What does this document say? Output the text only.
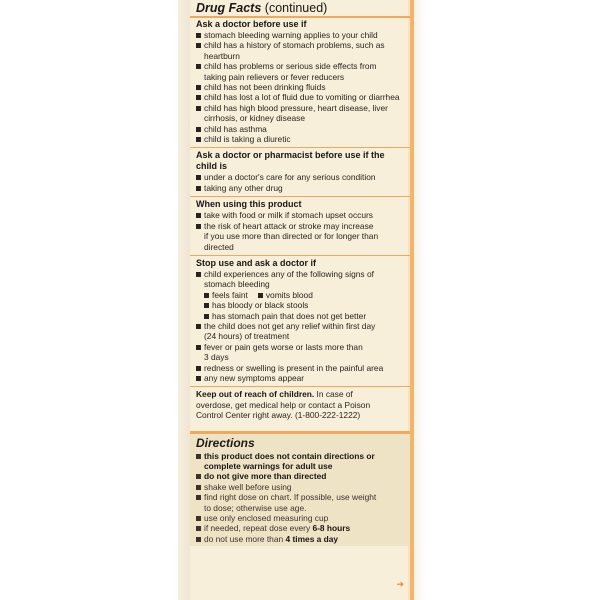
Drug Facts (continued)
Ask a doctor before use if
stomach bleeding warning applies to your child
child has a history of stomach problems, such as
heartburn
child has problems or serious side effects from
taking pain relievers or fever reducers
child has not been drinking fluids
child has lost a lot of fluid due to vomiting or diarrhea
child has high blood pressure, heart disease, liver
cirrhosis, or kidney disease
child has asthma
child is taking a diuretic
Ask a doctor or pharmacist before use if the
child is
under a doctor's care for any serious condition
taking any other drug
When using this product
take with food or milk if stomach upset occurs
the risk of heart attack or stroke may increase
if you use more than directed or for longer than
directed
Stop use and ask a doctor if
child experiences any of the following signs of
stomach bleeding
feels faint vomits blood
has bloody or black stools
has stomach pain that does not get better
the child does not get any relief within first day
(24 hours) of treatment
fever or pain gets worse or lasts more than
3 days
redness or swelling is present in the painful area
any new symptoms appear
Keep out of reach of children. In case of
overdose, get medical help or contact a Poison
Control Center right away. (1-800-222-1222)
Directions
this product does not contain directions or
complete warnings for adult use
do not give more than directed
shake well before using
find right dose on chart. If possible, use weight
to dose; otherwise use age.
use only enclosed measuring cup
if needed, repeat dose every 6-8 hours
do not use more than 4 times a day
➜
